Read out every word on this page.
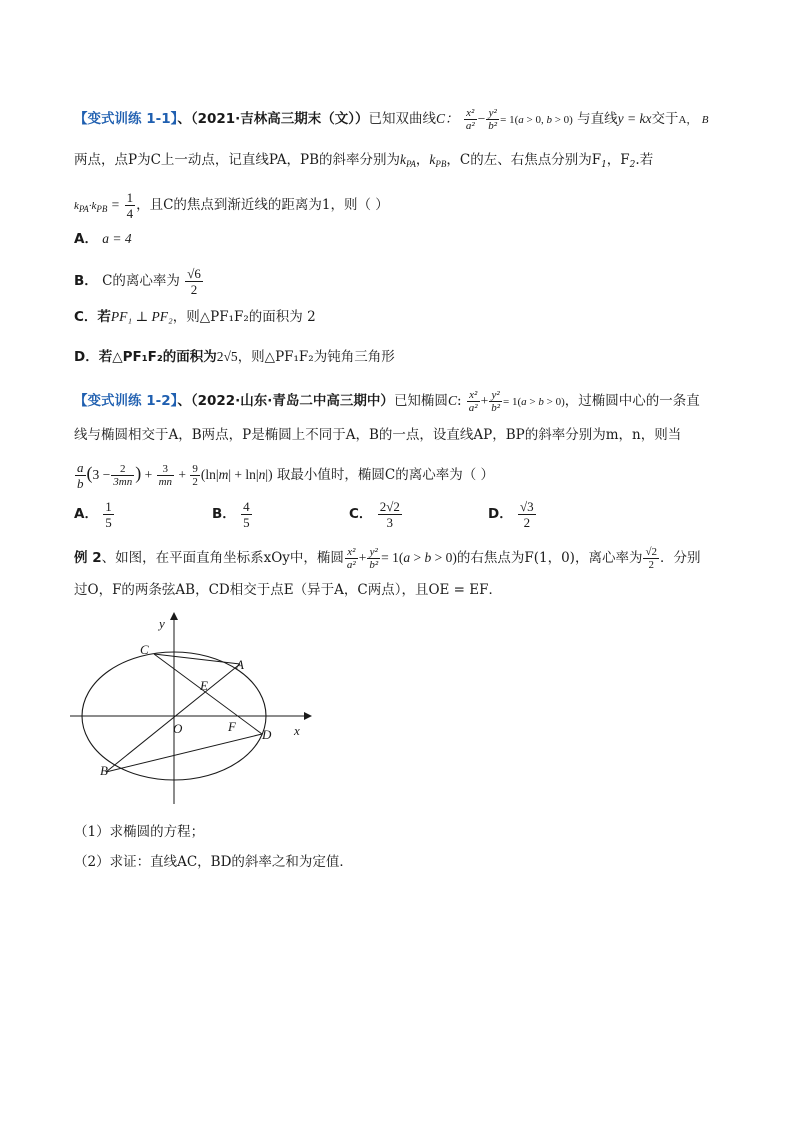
【变式训练 1-1】、（2021·吉林高三期末（文））已知双曲线C： $\frac{\text{x²}}{\text{a²}} - \frac{\text{y²}}{\text{b²}} = 1(a > 0$, b > 0) 与直线y = kx交于A， B
两点，点P为C上一动点，记直线PA，PB的斜率分别为$k_{PA}$，$k_{PB}$，C的左、右焦点分别为$F_1$，$F_2$.若
$k_{PA}\cdot k_{PB} = \frac{1}{4}$ ，且C的焦点到渐近线的距离为1，则（ ）
A． a = 4
B． C的离心率为 $\frac{√6}{2}$
C．若PF₁ ⊥ PF₂，则△PF₁F₂的面积为 2
D．若△PF₁F₂的面积为2√5，则△PF₁F₂为钝角三角形
【变式训练 1-2】、（2022·山东·青岛二中高三期中）已知椭圆C: $\frac{\text{x²}}{\text{a²}} + \frac{\text{y²}}{\text{b²}} = 1(a > b > 0)$，过椭圆中心的一条直
线与椭圆相交于A，B两点，P是椭圆上不同于A，B的一点，设直线AP，BP的斜率分别为m，n，则当
$\frac{a}{b} (3 - \frac{2}{3mn}$ ) + $\frac{3}{mn} + \frac{9}{2} (\ln|m| + \ln|n|)$ 取最小值时，椭圆C的离心率为（ ）
A． $\frac{1}{5}$	B． $\frac{4}{5}$	C． $\frac{2√2}{3}$	D． $\frac{√3}{2}$
例 2、如图，在平面直角坐标系xOy中，椭圆 $\frac{\text{x²}}{\text{a²}} + \frac{\text{y²}}{\text{b²}} = 1(a > b > 0)$的右焦点为F(1，0)，离心率为 $\frac{√2}{2}$ ．分别
过O，F的两条弦AB，CD相交于点E（异于A，C两点），且OE = EF．
C
A
E
O	F
D
B
x
y
（1）求椭圆的方程；
（2）求证：直线AC，BD的斜率之和为定值．
